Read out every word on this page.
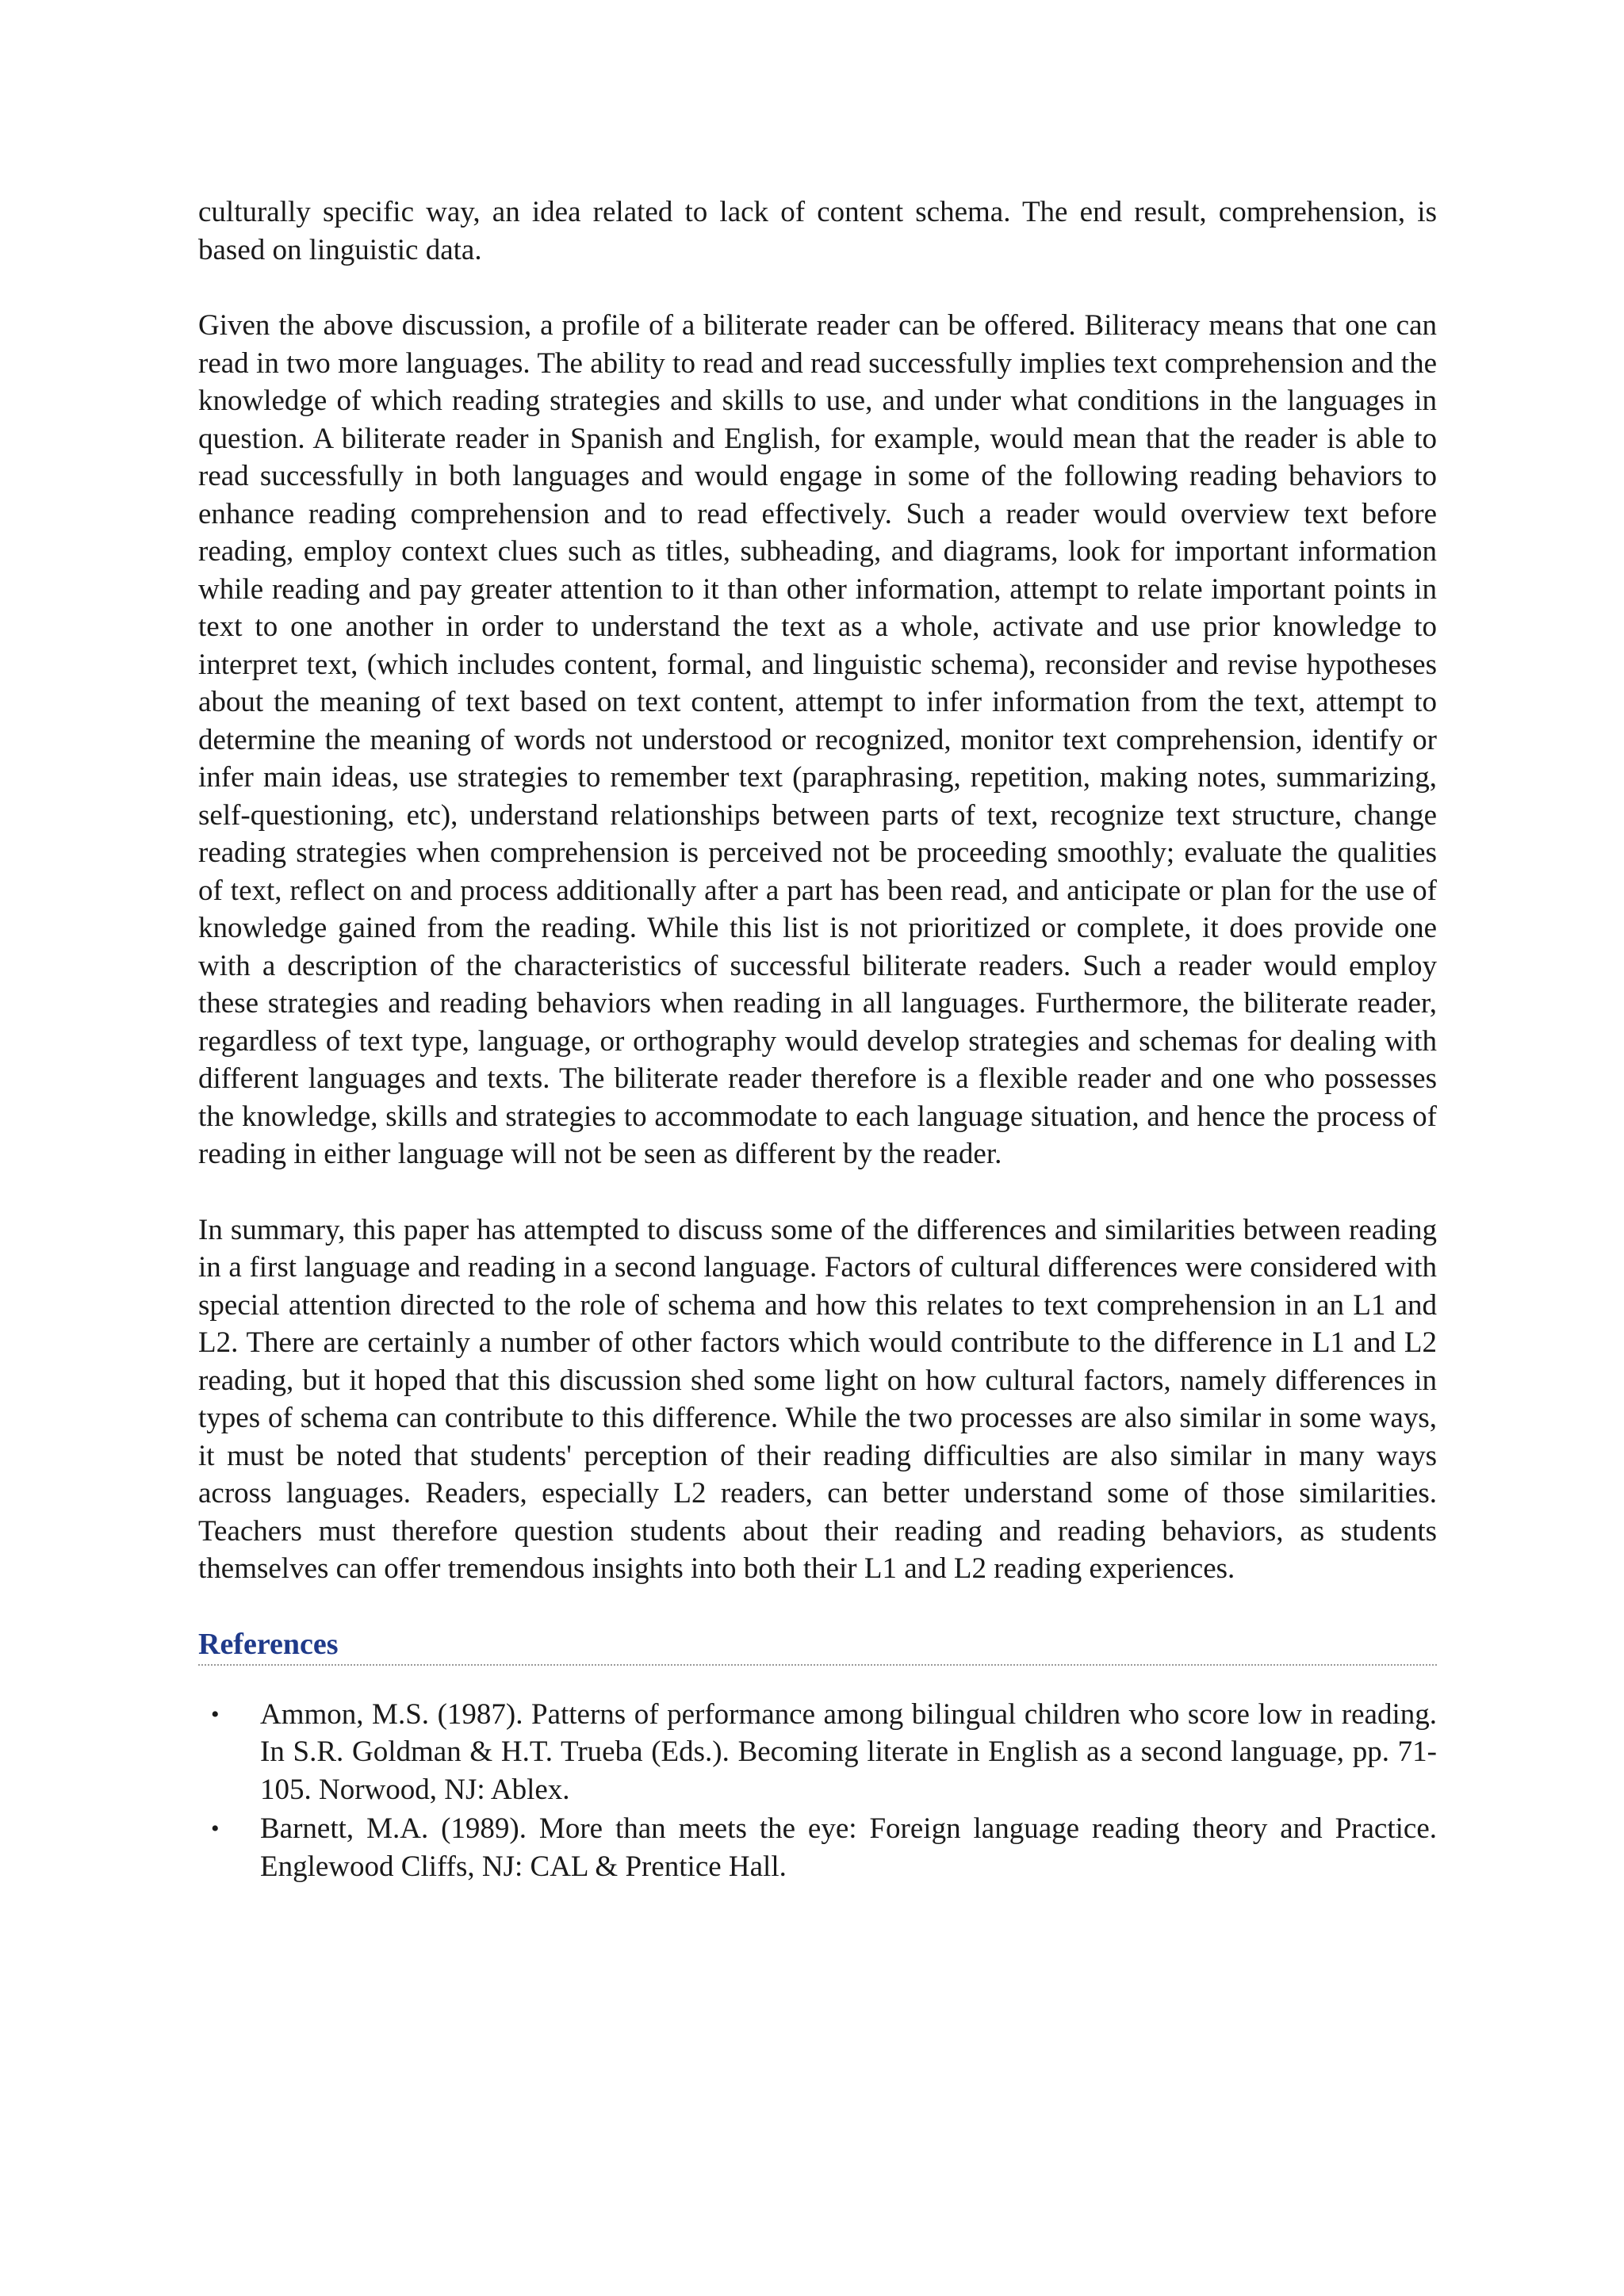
culturally specific way, an idea related to lack of content schema. The end result, comprehension, is based on linguistic data.

Given the above discussion, a profile of a biliterate reader can be offered. Biliteracy means that one can read in two more languages. The ability to read and read successfully implies text comprehension and the knowledge of which reading strategies and skills to use, and under what conditions in the languages in question. A biliterate reader in Spanish and English, for example, would mean that the reader is able to read successfully in both languages and would engage in some of the following reading behaviors to enhance reading comprehension and to read effectively. Such a reader would overview text before reading, employ context clues such as titles, subheading, and diagrams, look for important information while reading and pay greater attention to it than other information, attempt to relate important points in text to one another in order to understand the text as a whole, activate and use prior knowledge to interpret text, (which includes content, formal, and linguistic schema), reconsider and revise hypotheses about the meaning of text based on text content, attempt to infer information from the text, attempt to determine the meaning of words not understood or recognized, monitor text comprehension, identify or infer main ideas, use strategies to remember text (paraphrasing, repetition, making notes, summarizing, self-questioning, etc), understand relationships between parts of text, recognize text structure, change reading strategies when comprehension is perceived not be proceeding smoothly; evaluate the qualities of text, reflect on and process additionally after a part has been read, and anticipate or plan for the use of knowledge gained from the reading. While this list is not prioritized or complete, it does provide one with a description of the characteristics of successful biliterate readers. Such a reader would employ these strategies and reading behaviors when reading in all languages. Furthermore, the biliterate reader, regardless of text type, language, or orthography would develop strategies and schemas for dealing with different languages and texts. The biliterate reader therefore is a flexible reader and one who possesses the knowledge, skills and strategies to accommodate to each language situation, and hence the process of reading in either language will not be seen as different by the reader.

In summary, this paper has attempted to discuss some of the differences and similarities between reading in a first language and reading in a second language. Factors of cultural differences were considered with special attention directed to the role of schema and how this relates to text comprehension in an L1 and L2. There are certainly a number of other factors which would contribute to the difference in L1 and L2 reading, but it hoped that this discussion shed some light on how cultural factors, namely differences in types of schema can contribute to this difference. While the two processes are also similar in some ways, it must be noted that students' perception of their reading difficulties are also similar in many ways across languages. Readers, especially L2 readers, can better understand some of those similarities. Teachers must therefore question students about their reading and reading behaviors, as students themselves can offer tremendous insights into both their L1 and L2 reading experiences.

References
• Ammon, M.S. (1987). Patterns of performance among bilingual children who score low in reading. In S.R. Goldman & H.T. Trueba (Eds.). Becoming literate in English as a second language, pp. 71-105. Norwood, NJ: Ablex.
• Barnett, M.A. (1989). More than meets the eye: Foreign language reading theory and Practice. Englewood Cliffs, NJ: CAL & Prentice Hall.
